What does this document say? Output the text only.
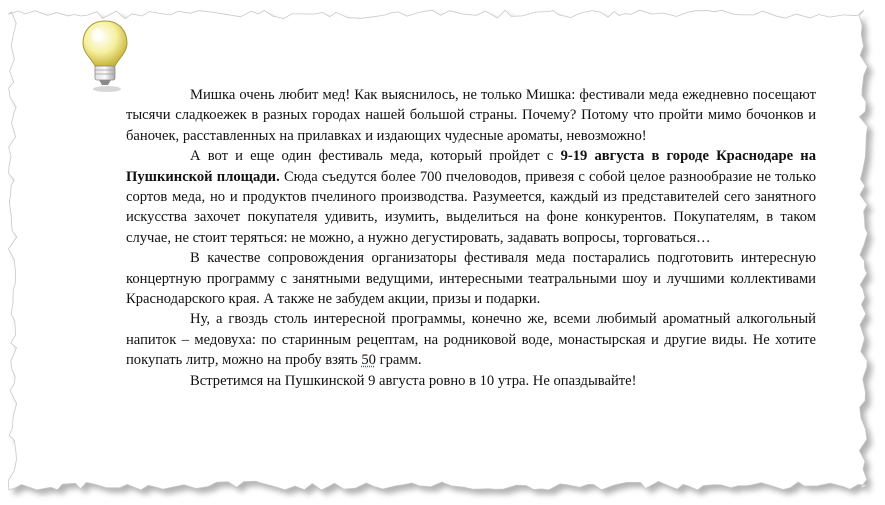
Мишка очень любит мед! Как выяснилось, не только Мишка: фестивали меда ежедневно посещают тысячи сладкоежек в разных городах нашей большой страны. Почему? Потому что пройти мимо бочонков и баночек, расставленных на прилавках и издающих чудесные ароматы, невозможно!

А вот и еще один фестиваль меда, который пройдет с 9-19 августа в городе Краснодаре на Пушкинской площади. Сюда съедутся более 700 пчеловодов, привезя с собой целое разнообразие не только сортов меда, но и продуктов пчелиного производства. Разумеется, каждый из представителей сего занятного искусства захочет покупателя удивить, изумить, выделиться на фоне конкурентов. Покупателям, в таком случае, не стоит теряться: не можно, а нужно дегустировать, задавать вопросы, торговаться…

В качестве сопровождения организаторы фестиваля меда постарались подготовить интересную концертную программу с занятными ведущими, интересными театральными шоу и лучшими коллективами Краснодарского края. А также не забудем акции, призы и подарки.

Ну, а гвоздь столь интересной программы, конечно же, всеми любимый ароматный алкогольный напиток – медовуха: по старинным рецептам, на родниковой воде, монастырская и другие виды. Не хотите покупать литр, можно на пробу взять 50 грамм.

Встретимся на Пушкинской 9 августа ровно в 10 утра. Не опаздывайте!
